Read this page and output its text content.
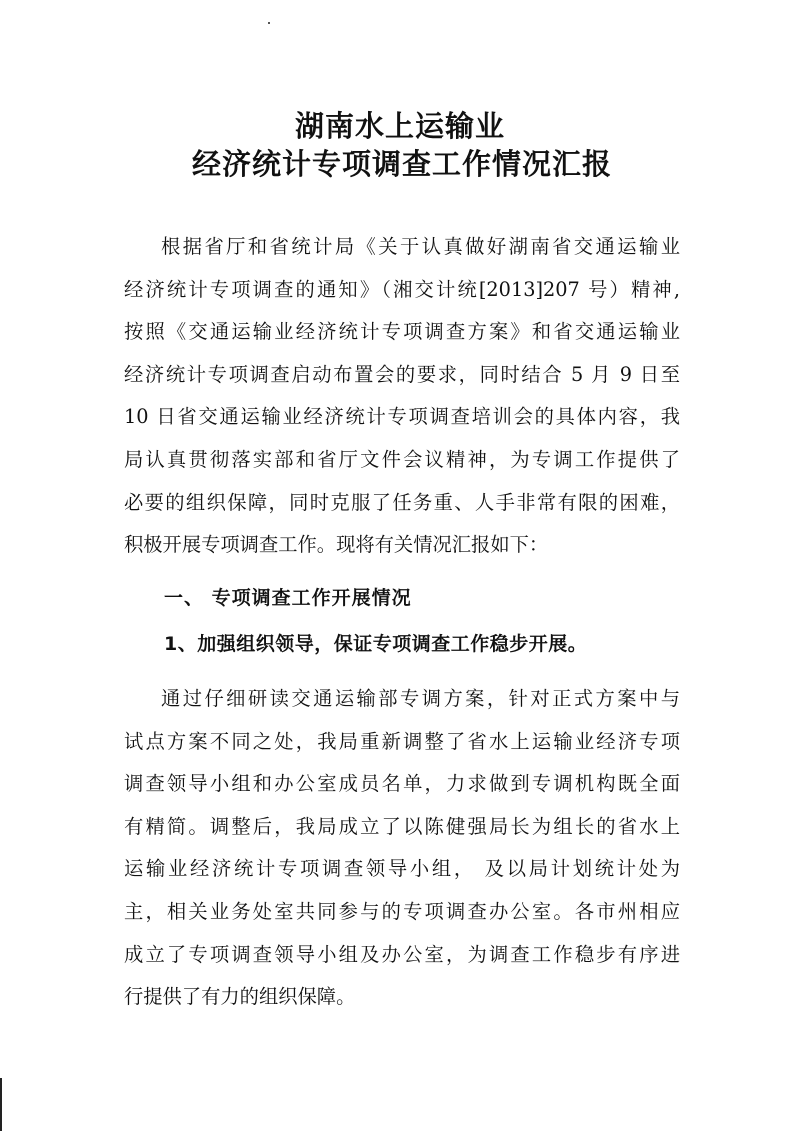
湖南水上运输业
经济统计专项调查工作情况汇报
根据省厅和省统计局《关于认真做好湖南省交通运输业
经济统计专项调查的通知》（湘交计统[2013]207 号）精神,
按照《交通运输业经济统计专项调查方案》和省交通运输业
经济统计专项调查启动布置会的要求，同时结合 5 月 9 日至
10 日省交通运输业经济统计专项调查培训会的具体内容，我
局认真贯彻落实部和省厅文件会议精神，为专调工作提供了
必要的组织保障，同时克服了任务重、人手非常有限的困难，
积极开展专项调查工作。现将有关情况汇报如下：
一、 专项调查工作开展情况
1、加强组织领导，保证专项调查工作稳步开展。
通过仔细研读交通运输部专调方案，针对正式方案中与
试点方案不同之处，我局重新调整了省水上运输业经济专项
调查领导小组和办公室成员名单，力求做到专调机构既全面
有精简。调整后，我局成立了以陈健强局长为组长的省水上
运输业经济统计专项调查领导小组， 及以局计划统计处为
主，相关业务处室共同参与的专项调查办公室。各市州相应
成立了专项调查领导小组及办公室，为调查工作稳步有序进
行提供了有力的组织保障。
